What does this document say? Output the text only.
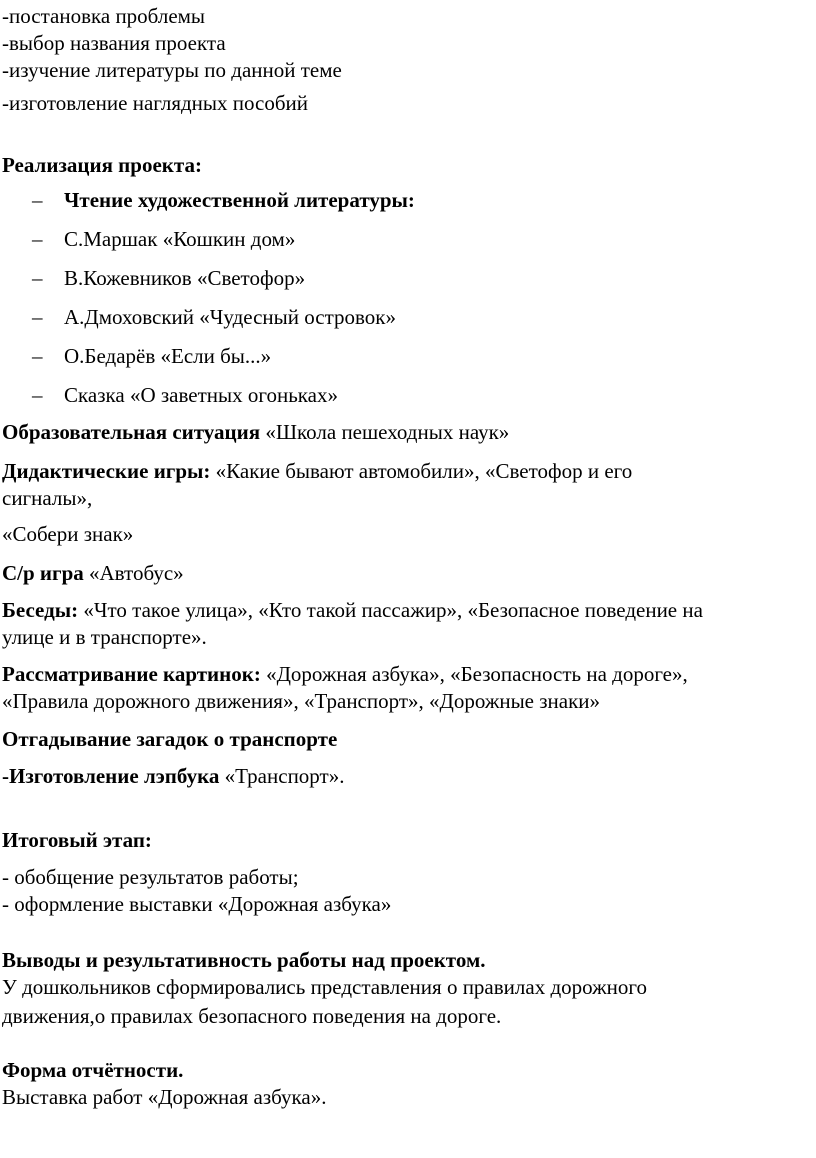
-постановка проблемы
-выбор названия проекта
-изучение литературы по данной теме
-изготовление наглядных пособий
Реализация проекта:
– Чтение художественной литературы:
– С.Маршак «Кошкин дом»
– В.Кожевников «Светофор»
– А.Дмоховский «Чудесный островок»
– О.Бедарёв «Если бы...»
– Сказка «О заветных огоньках»
Образовательная ситуация «Школа пешеходных наук»
Дидактические игры: «Какие бывают автомобили», «Светофор и его
сигналы»,
«Собери знак»
С/р игра «Автобус»
Беседы: «Что такое улица», «Кто такой пассажир», «Безопасное поведение на
улице и в транспорте».
Рассматривание картинок: «Дорожная азбука», «Безопасность на дороге»,
«Правила дорожного движения», «Транспорт», «Дорожные знаки»
Отгадывание загадок о транспорте
-Изготовление лэпбука «Транспорт».
Итоговый этап:
- обобщение результатов работы;
- оформление выставки «Дорожная азбука»
Выводы и результативность работы над проектом.
У дошкольников сформировались представления о правилах дорожного
движения,о правилах безопасного поведения на дороге.
Форма отчётности.
Выставка работ «Дорожная азбука».
